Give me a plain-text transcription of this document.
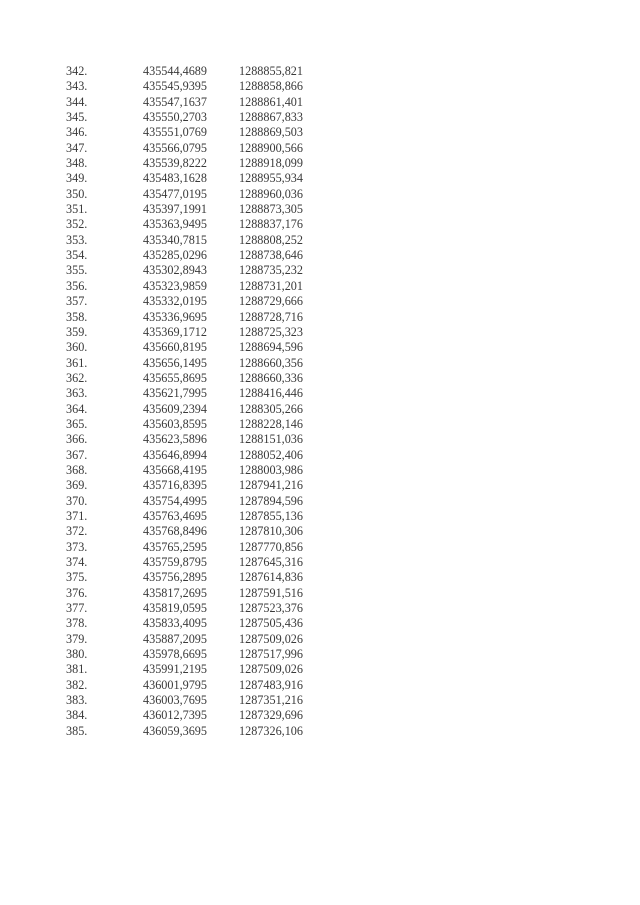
342.	435544,4689	1288855,821
343.	435545,9395	1288858,866
344.	435547,1637	1288861,401
345.	435550,2703	1288867,833
346.	435551,0769	1288869,503
347.	435566,0795	1288900,566
348.	435539,8222	1288918,099
349.	435483,1628	1288955,934
350.	435477,0195	1288960,036
351.	435397,1991	1288873,305
352.	435363,9495	1288837,176
353.	435340,7815	1288808,252
354.	435285,0296	1288738,646
355.	435302,8943	1288735,232
356.	435323,9859	1288731,201
357.	435332,0195	1288729,666
358.	435336,9695	1288728,716
359.	435369,1712	1288725,323
360.	435660,8195	1288694,596
361.	435656,1495	1288660,356
362.	435655,8695	1288660,336
363.	435621,7995	1288416,446
364.	435609,2394	1288305,266
365.	435603,8595	1288228,146
366.	435623,5896	1288151,036
367.	435646,8994	1288052,406
368.	435668,4195	1288003,986
369.	435716,8395	1287941,216
370.	435754,4995	1287894,596
371.	435763,4695	1287855,136
372.	435768,8496	1287810,306
373.	435765,2595	1287770,856
374.	435759,8795	1287645,316
375.	435756,2895	1287614,836
376.	435817,2695	1287591,516
377.	435819,0595	1287523,376
378.	435833,4095	1287505,436
379.	435887,2095	1287509,026
380.	435978,6695	1287517,996
381.	435991,2195	1287509,026
382.	436001,9795	1287483,916
383.	436003,7695	1287351,216
384.	436012,7395	1287329,696
385.	436059,3695	1287326,106
